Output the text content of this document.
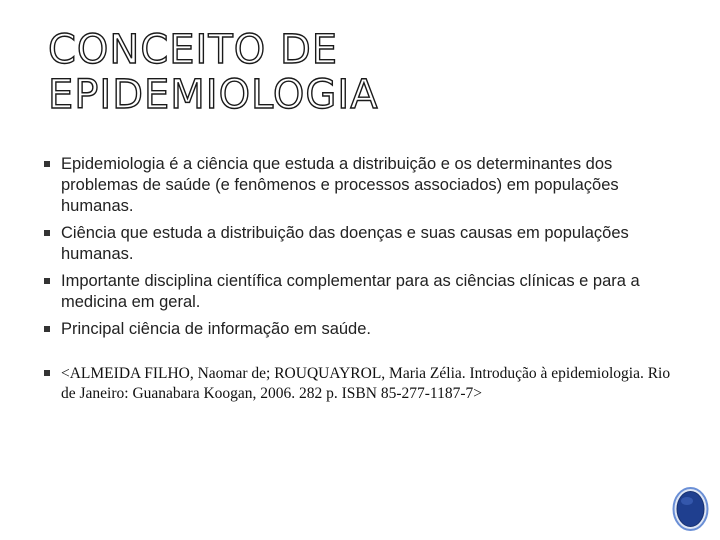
CONCEITO DE
EPIDEMIOLOGIA

Epidemiologia é a ciência que estuda a distribuição e os determinantes dos problemas de saúde (e fenômenos e processos associados) em populações humanas.

Ciência que estuda a distribuição das doenças e suas causas em populações humanas.

Importante disciplina científica complementar para as ciências clínicas e para a medicina em geral.

Principal ciência de informação em saúde.

<ALMEIDA FILHO, Naomar de; ROUQUAYROL, Maria Zélia. Introdução à epidemiologia. Rio de Janeiro: Guanabara Koogan, 2006. 282 p. ISBN 85-277-1187-7>
